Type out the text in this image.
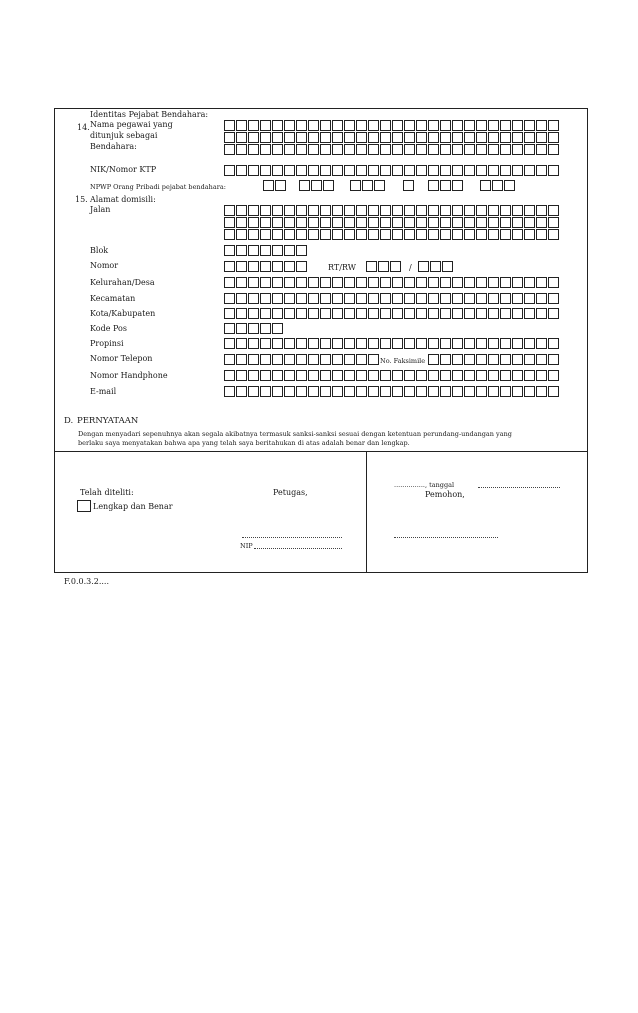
Identitas Pejabat Bendahara:
14. Nama pegawai yang
ditunjuk sebagai
Bendahara:
NIK/Nomor KTP
NPWP Orang Pribadi pejabat bendahara:
15. Alamat domisili:
Jalan
Blok
Nomor	RT/RW	/
Kelurahan/Desa
Kecamatan
Kota/Kabupaten
Kode Pos
Propinsi
Nomor Telepon	No. Faksimile
Nomor Handphone
E-mail
D. PERNYATAAN
Dengan menyadari sepenuhnya akan segala akibatnya termasuk sanksi-sanksi sesuai dengan ketentuan perundang-undangan yang
berlaku saya menyatakan bahwa apa yang telah saya beritahukan di atas adalah benar dan lengkap.
Telah diteliti:
Lengkap dan Benar
Petugas,
NIP
..............., tanggal
Pemohon,
F.0.0.3.2....
